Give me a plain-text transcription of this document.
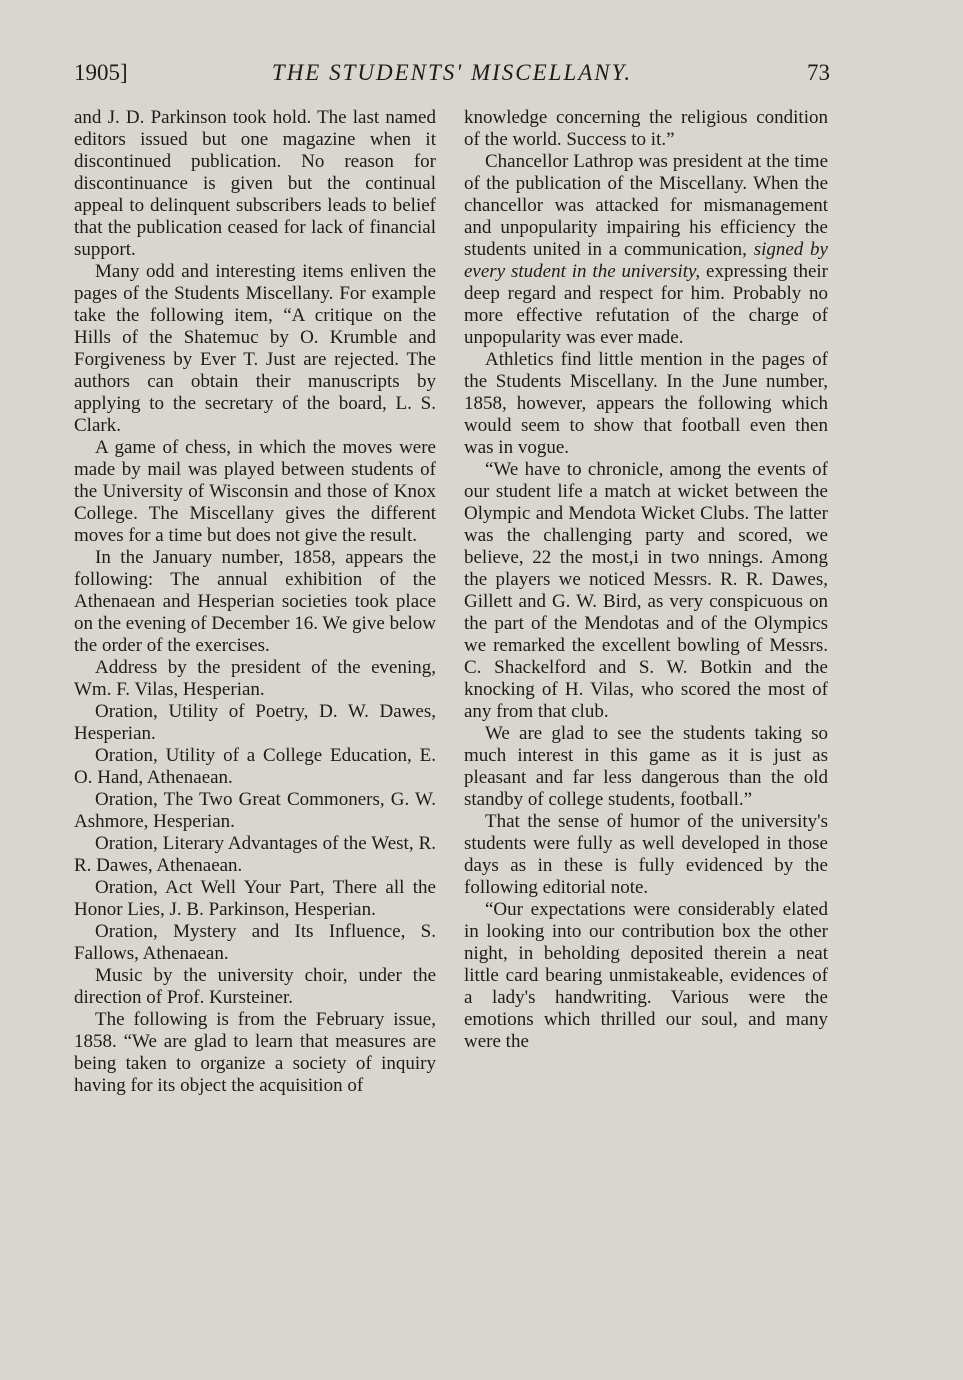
1905]	THE STUDENTS' MISCELLANY.	73

and J. D. Parkinson took hold. The last named editors issued but one magazine when it discontinued publication. No reason for discontinuance is given but the continual appeal to delinquent subscribers leads to belief that the publication ceased for lack of financial support.

Many odd and interesting items enliven the pages of the Students Miscellany. For example take the following item, “A critique on the Hills of the Shatemuc by O. Krumble and Forgiveness by Ever T. Just are rejected. The authors can obtain their manuscripts by applying to the secretary of the board, L. S. Clark.

A game of chess, in which the moves were made by mail was played between students of the University of Wisconsin and those of Knox College. The Miscellany gives the different moves for a time but does not give the result.

In the January number, 1858, appears the following: The annual exhibition of the Athenaean and Hesperian societies took place on the evening of December 16. We give below the order of the exercises.

Address by the president of the evening, Wm. F. Vilas, Hesperian.

Oration, Utility of Poetry, D. W. Dawes, Hesperian.

Oration, Utility of a College Education, E. O. Hand, Athenaean.

Oration, The Two Great Commoners, G. W. Ashmore, Hesperian.

Oration, Literary Advantages of the West, R. R. Dawes, Athenaean.

Oration, Act Well Your Part, There all the Honor Lies, J. B. Parkinson, Hesperian.

Oration, Mystery and Its Influence, S. Fallows, Athenaean.

Music by the university choir, under the direction of Prof. Kursteiner.

The following is from the February issue, 1858. “We are glad to learn that measures are being taken to organize a society of inquiry having for its object the acquisition of

knowledge concerning the religious condition of the world. Success to it.”

Chancellor Lathrop was president at the time of the publication of the Miscellany. When the chancellor was attacked for mismanagement and unpopularity impairing his efficiency the students united in a communication, signed by every student in the university, expressing their deep regard and respect for him. Probably no more effective refutation of the charge of unpopularity was ever made.

Athletics find little mention in the pages of the Students Miscellany. In the June number, 1858, however, appears the following which would seem to show that football even then was in vogue.

“We have to chronicle, among the events of our student life a match at wicket between the Olympic and Mendota Wicket Clubs. The latter was the challenging party and scored, we believe, 22 the most,i in two nnings. Among the players we noticed Messrs. R. R. Dawes, Gillett and G. W. Bird, as very conspicuous on the part of the Mendotas and of the Olympics we remarked the excellent bowling of Messrs. C. Shackelford and S. W. Botkin and the knocking of H. Vilas, who scored the most of any from that club.

We are glad to see the students taking so much interest in this game as it is just as pleasant and far less dangerous than the old standby of college students, football.”

That the sense of humor of the university's students were fully as well developed in those days as in these is fully evidenced by the following editorial note.

“Our expectations were considerably elated in looking into our contribution box the other night, in beholding deposited therein a neat little card bearing unmistakeable, evidences of a lady's handwriting. Various were the emotions which thrilled our soul, and many were the
